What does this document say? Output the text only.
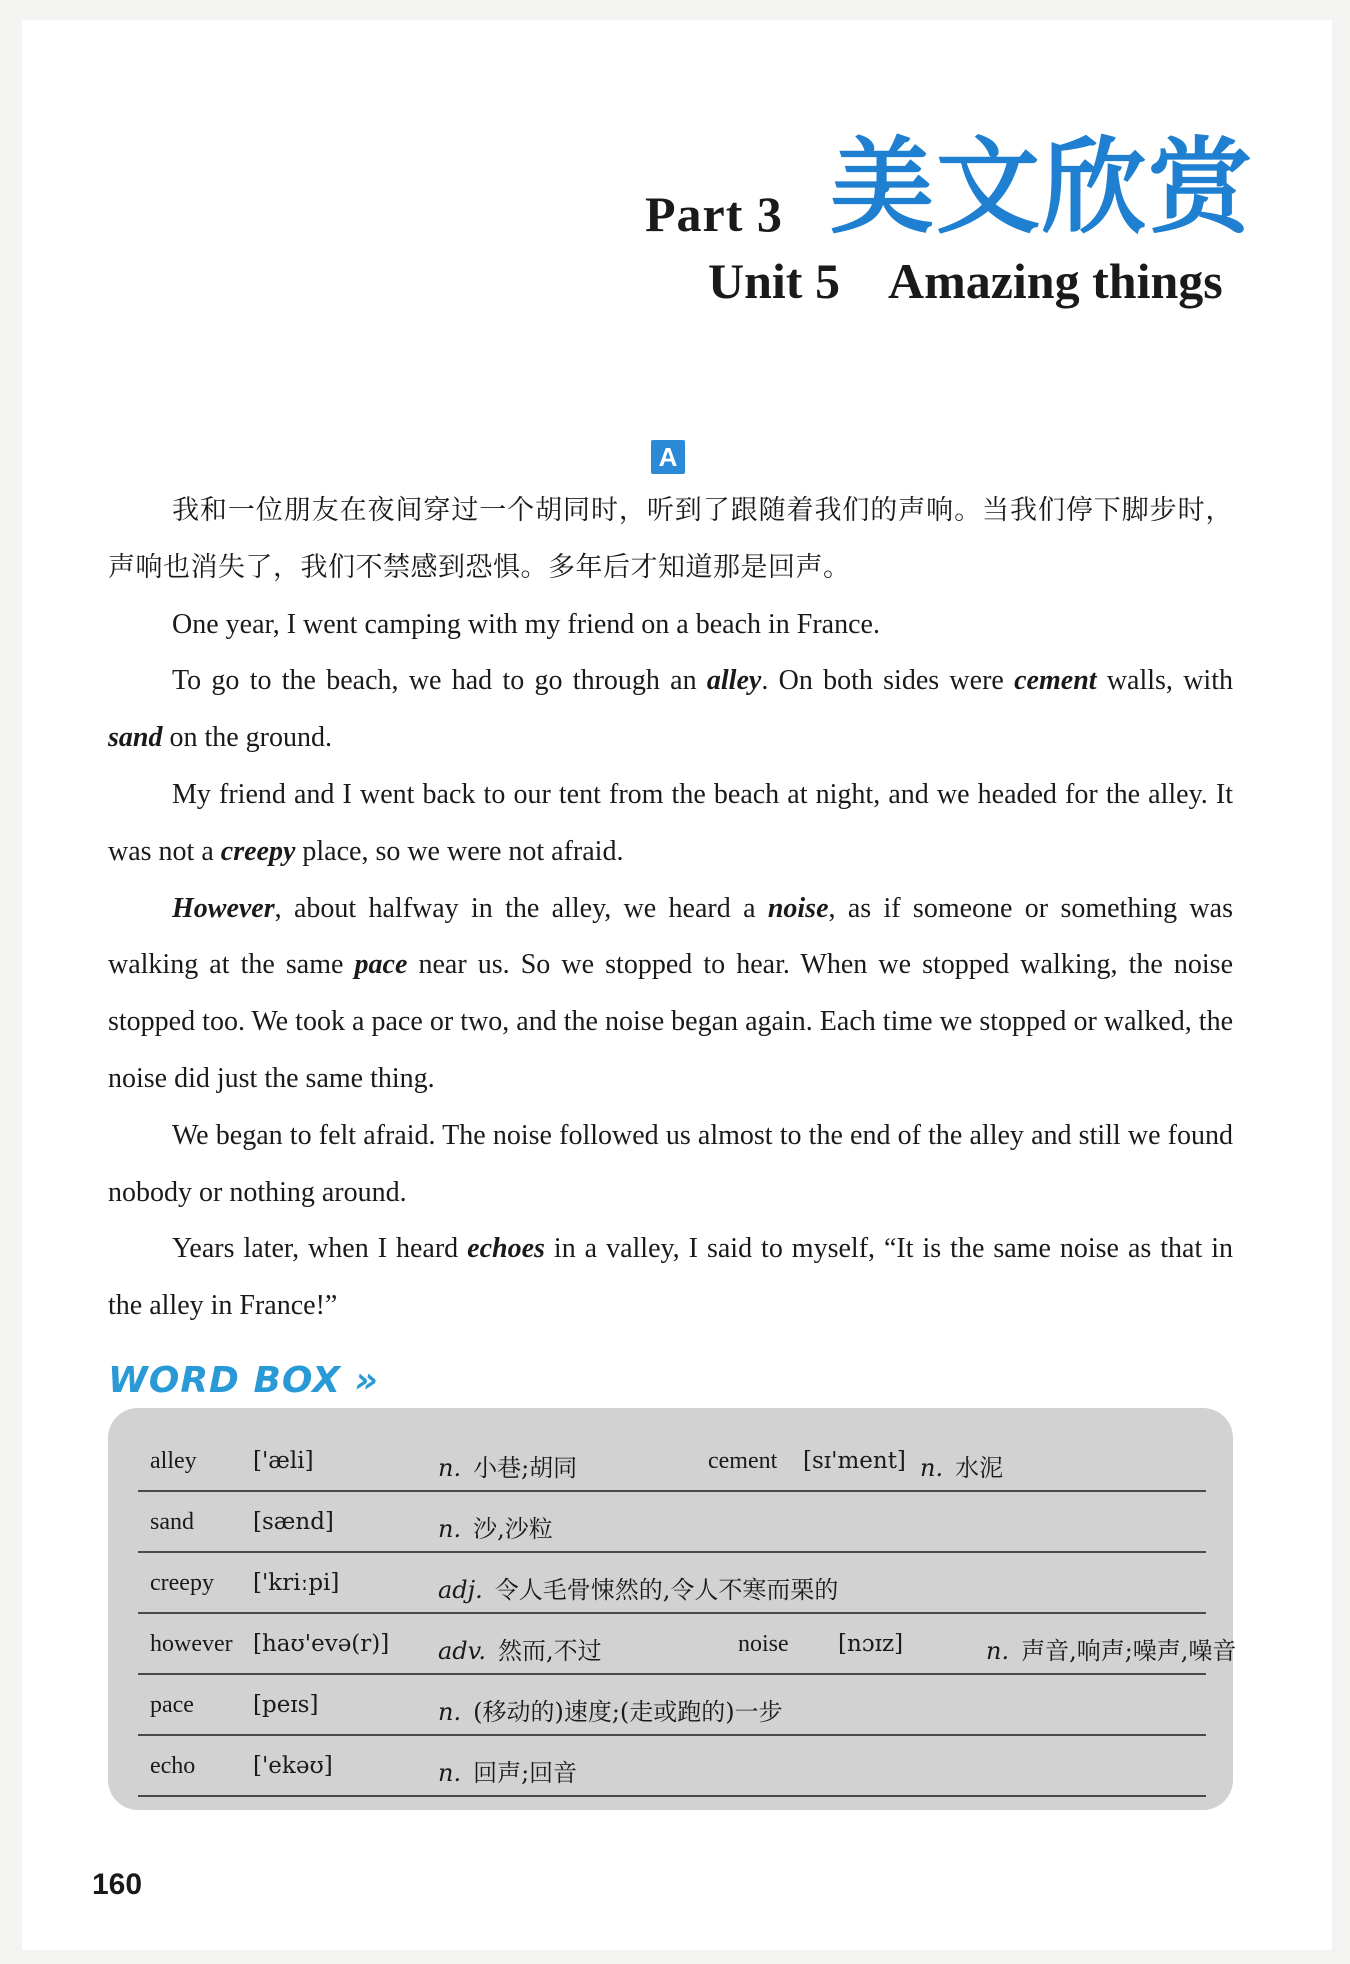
Part 3 美文欣赏
Unit 5 Amazing things
A

我和一位朋友在夜间穿过一个胡同时，听到了跟随着我们的声响。当我们停下脚步时，声响也消失了，我们不禁感到恐惧。多年后才知道那是回声。

One year, I went camping with my friend on a beach in France.

To go to the beach, we had to go through an alley. On both sides were cement walls, with sand on the ground.

My friend and I went back to our tent from the beach at night, and we headed for the alley. It was not a creepy place, so we were not afraid.

However, about halfway in the alley, we heard a noise, as if someone or something was walking at the same pace near us. So we stopped to hear. When we stopped walking, the noise stopped too. We took a pace or two, and the noise began again. Each time we stopped or walked, the noise did just the same thing.

We began to felt afraid. The noise followed us almost to the end of the alley and still we found nobody or nothing around.

Years later, when I heard echoes in a valley, I said to myself, “It is the same noise as that in the alley in France!”

WORD BOX »
alley ['æli]	n. 小巷;胡同	cement [sɪ'ment] n. 水泥
sand	[sænd]	n. 沙,沙粒
creepy ['kriːpi]	adj. 令人毛骨悚然的,令人不寒而栗的
however [haʊ'evə(r)] adv. 然而,不过	noise [nɔɪz]	n. 声音,响声;噪声,噪音
pace	[peɪs]	n. (移动的)速度;(走或跑的)一步
echo	['ekəʊ]	n. 回声;回音
160
